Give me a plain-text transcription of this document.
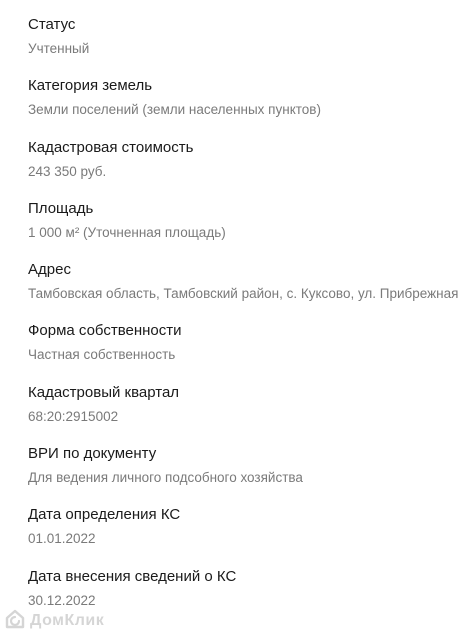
Статус
Учтенный
Категория земель
Земли поселений (земли населенных пунктов)
Кадастровая стоимость
243 350 руб.
Площадь
1 000 м² (Уточненная площадь)
Адрес
Тамбовская область, Тамбовский район, с. Куксово, ул. Прибрежная
Форма собственности
Частная собственность
Кадастровый квартал
68:20:2915002
ВРИ по документу
Для ведения личного подсобного хозяйства
Дата определения КС
01.01.2022
Дата внесения сведений о КС
30.12.2022
ДомКлик
